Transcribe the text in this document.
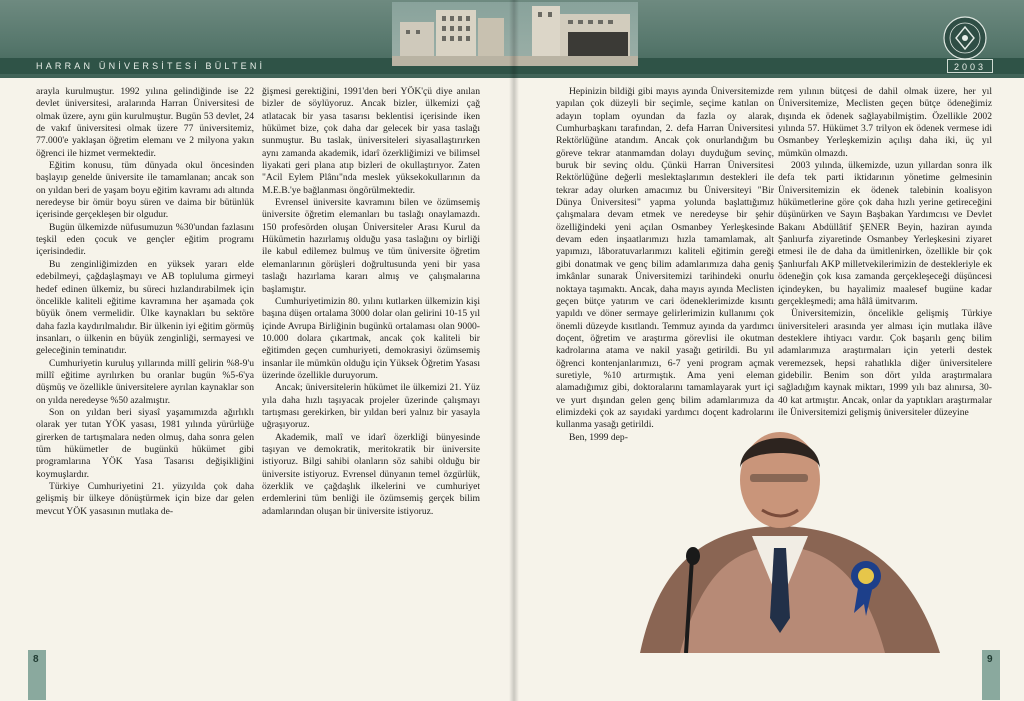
HARRAN ÜNİVERSİTESİ BÜLTENİ	2003

arayla kurulmuştur. 1992 yılına gelindiğinde ise 22 devlet üniversitesi, aralarında Harran Üniversitesi de olmak üzere, aynı gün kurulmuştur. Bugün 53 devlet, 24 de vakıf üniversitesi olmak üzere 77 üniversitemiz, 77.000'e yaklaşan öğretim elemanı ve 2 milyona yakın öğrenci ile hizmet vermektedir.

Eğitim konusu, tüm dünyada okul öncesinden başlayıp genelde üniversite ile tamamlanan; ancak son on yıldan beri de yaşam boyu eğitim kavramı adı altında neredeyse bir ömür boyu süren ve daima bir bütünlük içerisinde gerçekleşen bir olgudur.

Bugün ülkemizde nüfusumuzun %30'undan fazlasını teşkil eden çocuk ve gençler eğitim programı içerisindedir.

Bu zenginliğimizden en yüksek yararı elde edebilmeyi, çağdaşlaşmayı ve AB topluluma girmeyi hedef edinen ülkemiz, bu süreci hızlandırabilmek için öncelikle kaliteli eğitime kavramına her aşamada çok büyük önem vermelidir. Ülke kaynakları bu sektöre daha fazla kaydırılmalıdır. Bir ülkenin iyi eğitim görmüş insanları, o ülkenin en büyük zenginliği, sermayesi ve geleceğinin teminatıdır.

Cumhuriyetin kuruluş yıllarında millî gelirin %8-9'u millî eğitime ayrılırken bu oranlar bugün %5-6'ya düşmüş ve özellikle üniversitelere ayrılan kaynaklar son on yılda neredeyse %50 azalmıştır.

Son on yıldan beri siyasî yaşamımızda ağırlıklı olarak yer tutan YÖK yasası, 1981 yılında yürürlüğe girerken de tartışmalara neden olmuş, daha sonra gelen tüm hükümetler de bugünkü hükümet gibi programlarına YÖK Yasa Tasarısı değişikliğini koymuşlardır.

Türkiye Cumhuriyetini 21. yüzyılda çok daha gelişmiş bir ülkeye dönüştürmek için bize dar gelen mevcut YÖK yasasının mutlaka de-

ğişmesi gerektiğini, 1991'den beri YÖK'çü diye anılan bizler de söylüyoruz. Ancak bizler, ülkemizi çağ atlatacak bir yasa tasarısı beklentisi içerisinde iken hükümet bize, çok daha dar gelecek bir yasa taslağı sunmuştur. Bu taslak, üniversiteleri siyasallaştırırken aynı zamanda akademik, idarî özerkliğimizi ve bilimsel liyakati geri plana atıp bizleri de okullaştırıyor. Zaten "Acil Eylem Plânı"nda meslek yüksekokullarının da M.E.B.'ye bağlanması öngörülmektedir.

Evrensel üniversite kavramını bilen ve özümsemiş üniversite öğretim elemanları bu taslağı onaylamazdı. 150 profesörden oluşan Üniversiteler Arası Kurul da Hükümetin hazırlamış olduğu yasa taslağını oy birliği ile kabul edilemez bulmuş ve tüm üniversite öğretim elemanlarının görüşleri doğrultusunda yeni bir yasa taslağı hazırlama kararı almış ve çalışmalarına başlamıştır.

Cumhuriyetimizin 80. yılını kutlarken ülkemizin kişi başına düşen ortalama 3000 dolar olan gelirini 10-15 yıl içinde Avrupa Birliğinin bugünkü ortalaması olan 9000-10.000 dolara çıkartmak, ancak çok kaliteli bir eğitimden geçen cumhuriyeti, demokrasiyi özümsemiş insanlar ile mümkün olduğu için Yüksek Öğretim Yasası üzerinde özellikle duruyorum.

Ancak; üniversitelerin hükümet ile ülkemizi 21. Yüz yıla daha hızlı taşıyacak projeler üzerinde çalışmayı tartışması gerekirken, bir yıldan beri yalnız bir yasayla uğraşıyoruz.

Akademik, malî ve idarî özerkliği bünyesinde taşıyan ve demokratik, meritokratik bir üniversite istiyoruz. Bilgi sahibi olanların söz sahibi olduğu bir üniversite istiyoruz. Evrensel dünyanın temel özgürlük, özerklik ve çağdaşlık ilkelerini ve cumhuriyet erdemlerini tüm benliği ile özümsemiş gerçek bilim adamlarından oluşan bir üniversite istiyoruz.

Hepinizin bildiği gibi mayıs ayında Üniversitemizde yapılan çok düzeyli bir seçimle, seçime katılan on adayın toplam oyundan da fazla oy alarak, Cumhurbaşkanı tarafından, 2. defa Harran Üniversitesi Rektörlüğüne atandım. Ancak çok onurlandığım bu göreve tekrar atanmamdan dolayı duyduğum sevinç, buruk bir sevinç oldu. Çünkü Harran Üniversitesi Rektörlüğüne değerli meslektaşlarımın destekleri ile tekrar aday olurken amacımız bu Üniversiteyi "Bir Dünya Üniversitesi" yapma yolunda başlattığımız çalışmalara devam etmek ve neredeyse bir şehir özelliğindeki yeni açılan Osmanbey Yerleşkesinde devam eden inşaatlarımızı hızla tamamlamak, alt yapımızı, lâboratuvarlarımızı kaliteli eğitimin gereği gibi donatmak ve genç bilim adamlarımıza daha geniş imkânlar sunarak Üniversitemizi tarihindeki onurlu noktaya taşımaktı. Ancak, daha mayıs ayında Meclisten geçen bütçe yatırım ve cari ödeneklerimizde kısıntı yapıldı ve döner sermaye gelirlerimizin kullanımı çok önemli düzeyde kısıtlandı. Temmuz ayında da yardımcı doçent, öğretim ve araştırma görevlisi ile okutman kadrolarına atama ve nakil yasağı getirildi. Bu yıl öğrenci kontenjanlarımızı, 6-7 yeni program açmak suretiyle, %10 artırmıştık. Ama yeni eleman alamadığımız gibi, doktoralarını tamamlayarak yurt içi ve yurt dışından gelen genç bilim adamlarımıza da elimizdeki çok az sayıdaki yardımcı doçent kadrolarını kullanma yasağı getirildi.

Ben, 1999 dep-

rem yılının bütçesi de dahil olmak üzere, her yıl Üniversitemize, Meclisten geçen bütçe ödeneğimiz dışında ek ödenek sağlayabilmiştim. Özellikle 2002 yılında 57. Hükümet 3.7 trilyon ek ödenek vermese idi Osmanbey Yerleşkemizin açılışı daha iki, üç yıl mümkün olmazdı.

2003 yılında, ülkemizde, uzun yıllardan sonra ilk defa tek parti iktidarının yönetime gelmesinin Üniversitemizin ek ödenek talebinin koalisyon hükümetlerine göre çok daha hızlı yerine getireceğini düşünürken ve Sayın Başbakan Yardımcısı ve Devlet Bakanı Abdüllâtif ŞENER Beyin, haziran ayında Şanlıurfa ziyaretinde Osmanbey Yerleşkesini ziyaret etmesi ile de daha da ümitlenirken, özellikle bir çok Şanlıurfalı AKP milletvekilerimizin de destekleriyle ek ödeneğin çok kısa zamanda gerçekleşeceği düşüncesi içindeyken, bu hayalimiz maalesef bugüne kadar gerçekleşmedi; ama hâlâ ümitvarım.

Üniversitemizin, öncelikle gelişmiş Türkiye üniversiteleri arasında yer alması için mutlaka ilâve desteklere ihtiyacı vardır. Çok başarılı genç bilim adamlarımıza araştırmaları için yeterli destek veremezsek, hepsi rahatlıkla diğer üniversitelere gidebilir. Benim son dört yılda araştırmalara sağladığım kaynak miktarı, 1999 yılı baz alınırsa, 30-40 kat artmıştır. Ancak, onlar da yaptıkları araştırmalar ile Üniversitemizi gelişmiş üniversiteler düzeyine

8	9
